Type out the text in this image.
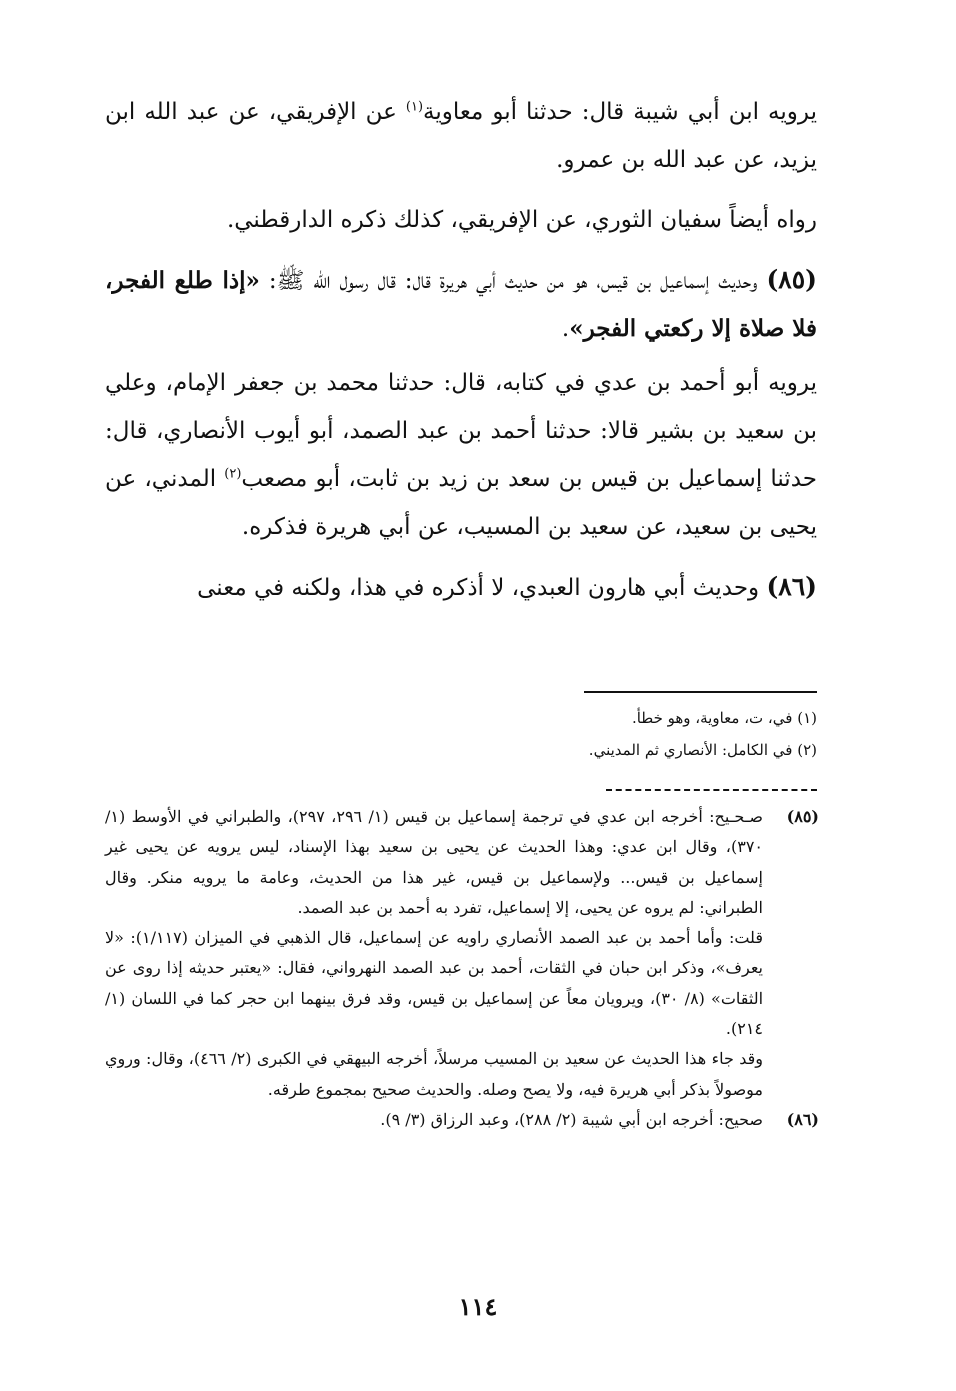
يرويه ابن أبي شيبة قال: حدثنا أبو معاوية$^{(١)}$ عن الإفريقي، عن عبد الله ابن يزيد، عن عبد الله بن عمرو.

رواه أيضاً سفيان الثوري، عن الإفريقي، كذلك ذكره الدارقطني.

(٨٥) وحديث إسماعيل بن قيس، هو من حديث أبي هريرة قال: قال رسول الله ﷺ: «إذا طلع الفجر، فلا صلاة إلا ركعتي الفجر».

يرويه أبو أحمد بن عدي في كتابه، قال: حدثنا محمد بن جعفر الإمام، وعلي بن سعيد بن بشير قالا: حدثنا أحمد بن عبد الصمد، أبو أيوب الأنصاري، قال: حدثنا إسماعيل بن قيس بن سعد بن زيد بن ثابت، أبو مصعب$^{(٢)}$ المدني، عن يحيى بن سعيد، عن سعيد بن المسيب، عن أبي هريرة فذكره.

(٨٦) وحديث أبي هارون العبدي، لا أذكره في هذا، ولكنه في معنى

(١) في، ت، معاوية، وهو خطأ.
(٢) في الكامل: الأنصاري ثم المديني.
(٨٥)

صـحـيح: أخرجه ابن عدي في ترجمة إسماعيل بن قيس (١/ ٢٩٦، ٢٩٧)، والطبراني في الأوسط (١/ ٣٧٠)، وقال ابن عدي: وهذا الحديث عن يحيى بن سعيد بهذا الإسناد، ليس يرويه عن يحيى غير إسماعيل بن قيس... ولإسماعيل بن قيس، غير هذا من الحديث، وعامة ما يرويه منكر. وقال الطبراني: لم يروه عن يحيى، إلا إسماعيل، تفرد به أحمد بن عبد الصمد.

قلت: وأما أحمد بن عبد الصمد الأنصاري راويه عن إسماعيل، قال الذهبي في الميزان (١/١١٧): «لا يعرف»، وذكر ابن حبان في الثقات، أحمد بن عبد الصمد النهرواني، فقال: «يعتبر حديثه إذا روى عن الثقات» (٨/ ٣٠)، ويرويان معاً عن إسماعيل بن قيس، وقد فرق بينهما ابن حجر كما في اللسان (١/ ٢١٤).

وقد جاء هذا الحديث عن سعيد بن المسيب مرسلاً، أخرجه البيهقي في الكبرى (٢/ ٤٦٦)، وقال: وروي موصولاً بذكر أبي هريرة فيه، ولا يصح وصله. والحديث صحيح بمجموع طرقه.

(٨٦)

صحيح: أخرجه ابن أبي شيبة (٢/ ٢٨٨)، وعبد الرزاق (٣/ ٩).

١١٤
